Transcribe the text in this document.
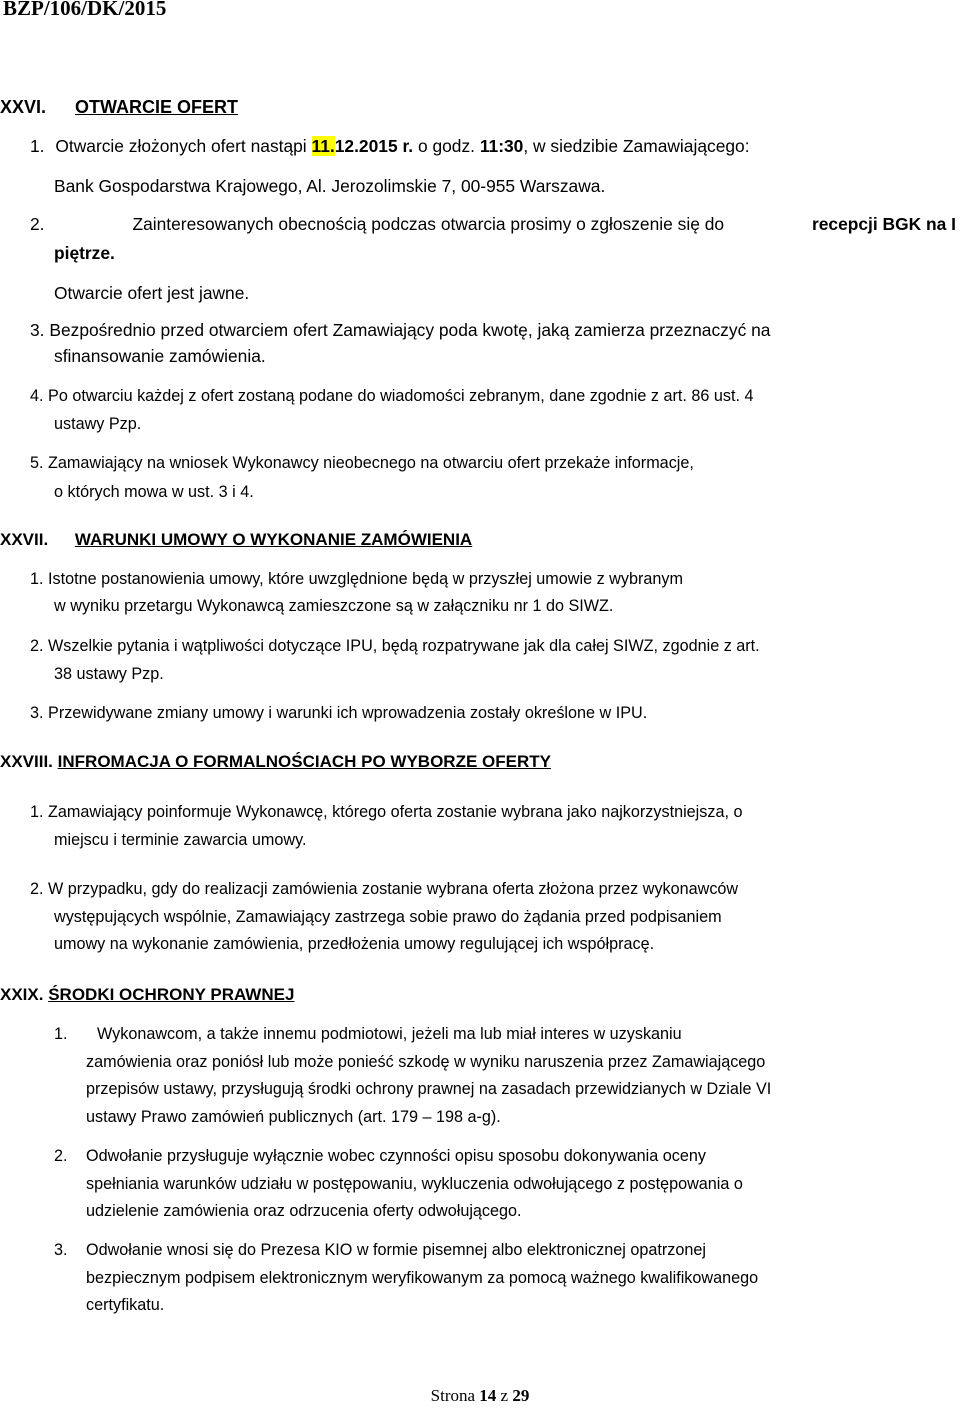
BZP/106/DK/2015
XXVI. OTWARCIE OFERT
1. Otwarcie złożonych ofert nastąpi 11.12.2015 r. o godz. 11:30, w siedzibie Zamawiającego:
Bank Gospodarstwa Krajowego, Al. Jerozolimskie 7, 00-955 Warszawa.
2.	Zainteresowanych obecnością podczas otwarcia prosimy o zgłoszenie się do	recepcji BGK na I
piętrze.
Otwarcie ofert jest jawne.
3. Bezpośrednio przed otwarciem ofert Zamawiający poda kwotę, jaką zamierza przeznaczyć na
sfinansowanie zamówienia.
4. Po otwarciu każdej z ofert zostaną podane do wiadomości zebranym, dane zgodnie z art. 86 ust. 4
ustawy Pzp.
5. Zamawiający na wniosek Wykonawcy nieobecnego na otwarciu ofert przekaże informacje,
o których mowa w ust. 3 i 4.
XXVII. WARUNKI UMOWY O WYKONANIE ZAMÓWIENIA
1. Istotne postanowienia umowy, które uwzględnione będą w przyszłej umowie z wybranym
w wyniku przetargu Wykonawcą zamieszczone są w załączniku nr 1 do SIWZ.
2. Wszelkie pytania i wątpliwości dotyczące IPU, będą rozpatrywane jak dla całej SIWZ, zgodnie z art.
38 ustawy Pzp.
3. Przewidywane zmiany umowy i warunki ich wprowadzenia zostały określone w IPU.
XXVIII. INFROMACJA O FORMALNOŚCIACH PO WYBORZE OFERTY
1. Zamawiający poinformuje Wykonawcę, którego oferta zostanie wybrana jako najkorzystniejsza, o
miejscu i terminie zawarcia umowy.
2. W przypadku, gdy do realizacji zamówienia zostanie wybrana oferta złożona przez wykonawców
występujących wspólnie, Zamawiający zastrzega sobie prawo do żądania przed podpisaniem
umowy na wykonanie zamówienia, przedłożenia umowy regulującej ich współpracę.
XXIX. ŚRODKI OCHRONY PRAWNEJ
1. Wykonawcom, a także innemu podmiotowi, jeżeli ma lub miał interes w uzyskaniu
zamówienia oraz poniósł lub może ponieść szkodę w wyniku naruszenia przez Zamawiającego
przepisów ustawy, przysługują środki ochrony prawnej na zasadach przewidzianych w Dziale VI
ustawy Prawo zamówień publicznych (art. 179 – 198 a-g).
2. Odwołanie przysługuje wyłącznie wobec czynności opisu sposobu dokonywania oceny
spełniania warunków udziału w postępowaniu, wykluczenia odwołującego z postępowania o
udzielenie zamówienia oraz odrzucenia oferty odwołującego.
3. Odwołanie wnosi się do Prezesa KIO w formie pisemnej albo elektronicznej opatrzonej
bezpiecznym podpisem elektronicznym weryfikowanym za pomocą ważnego kwalifikowanego
certyfikatu.
Strona 14 z 29
